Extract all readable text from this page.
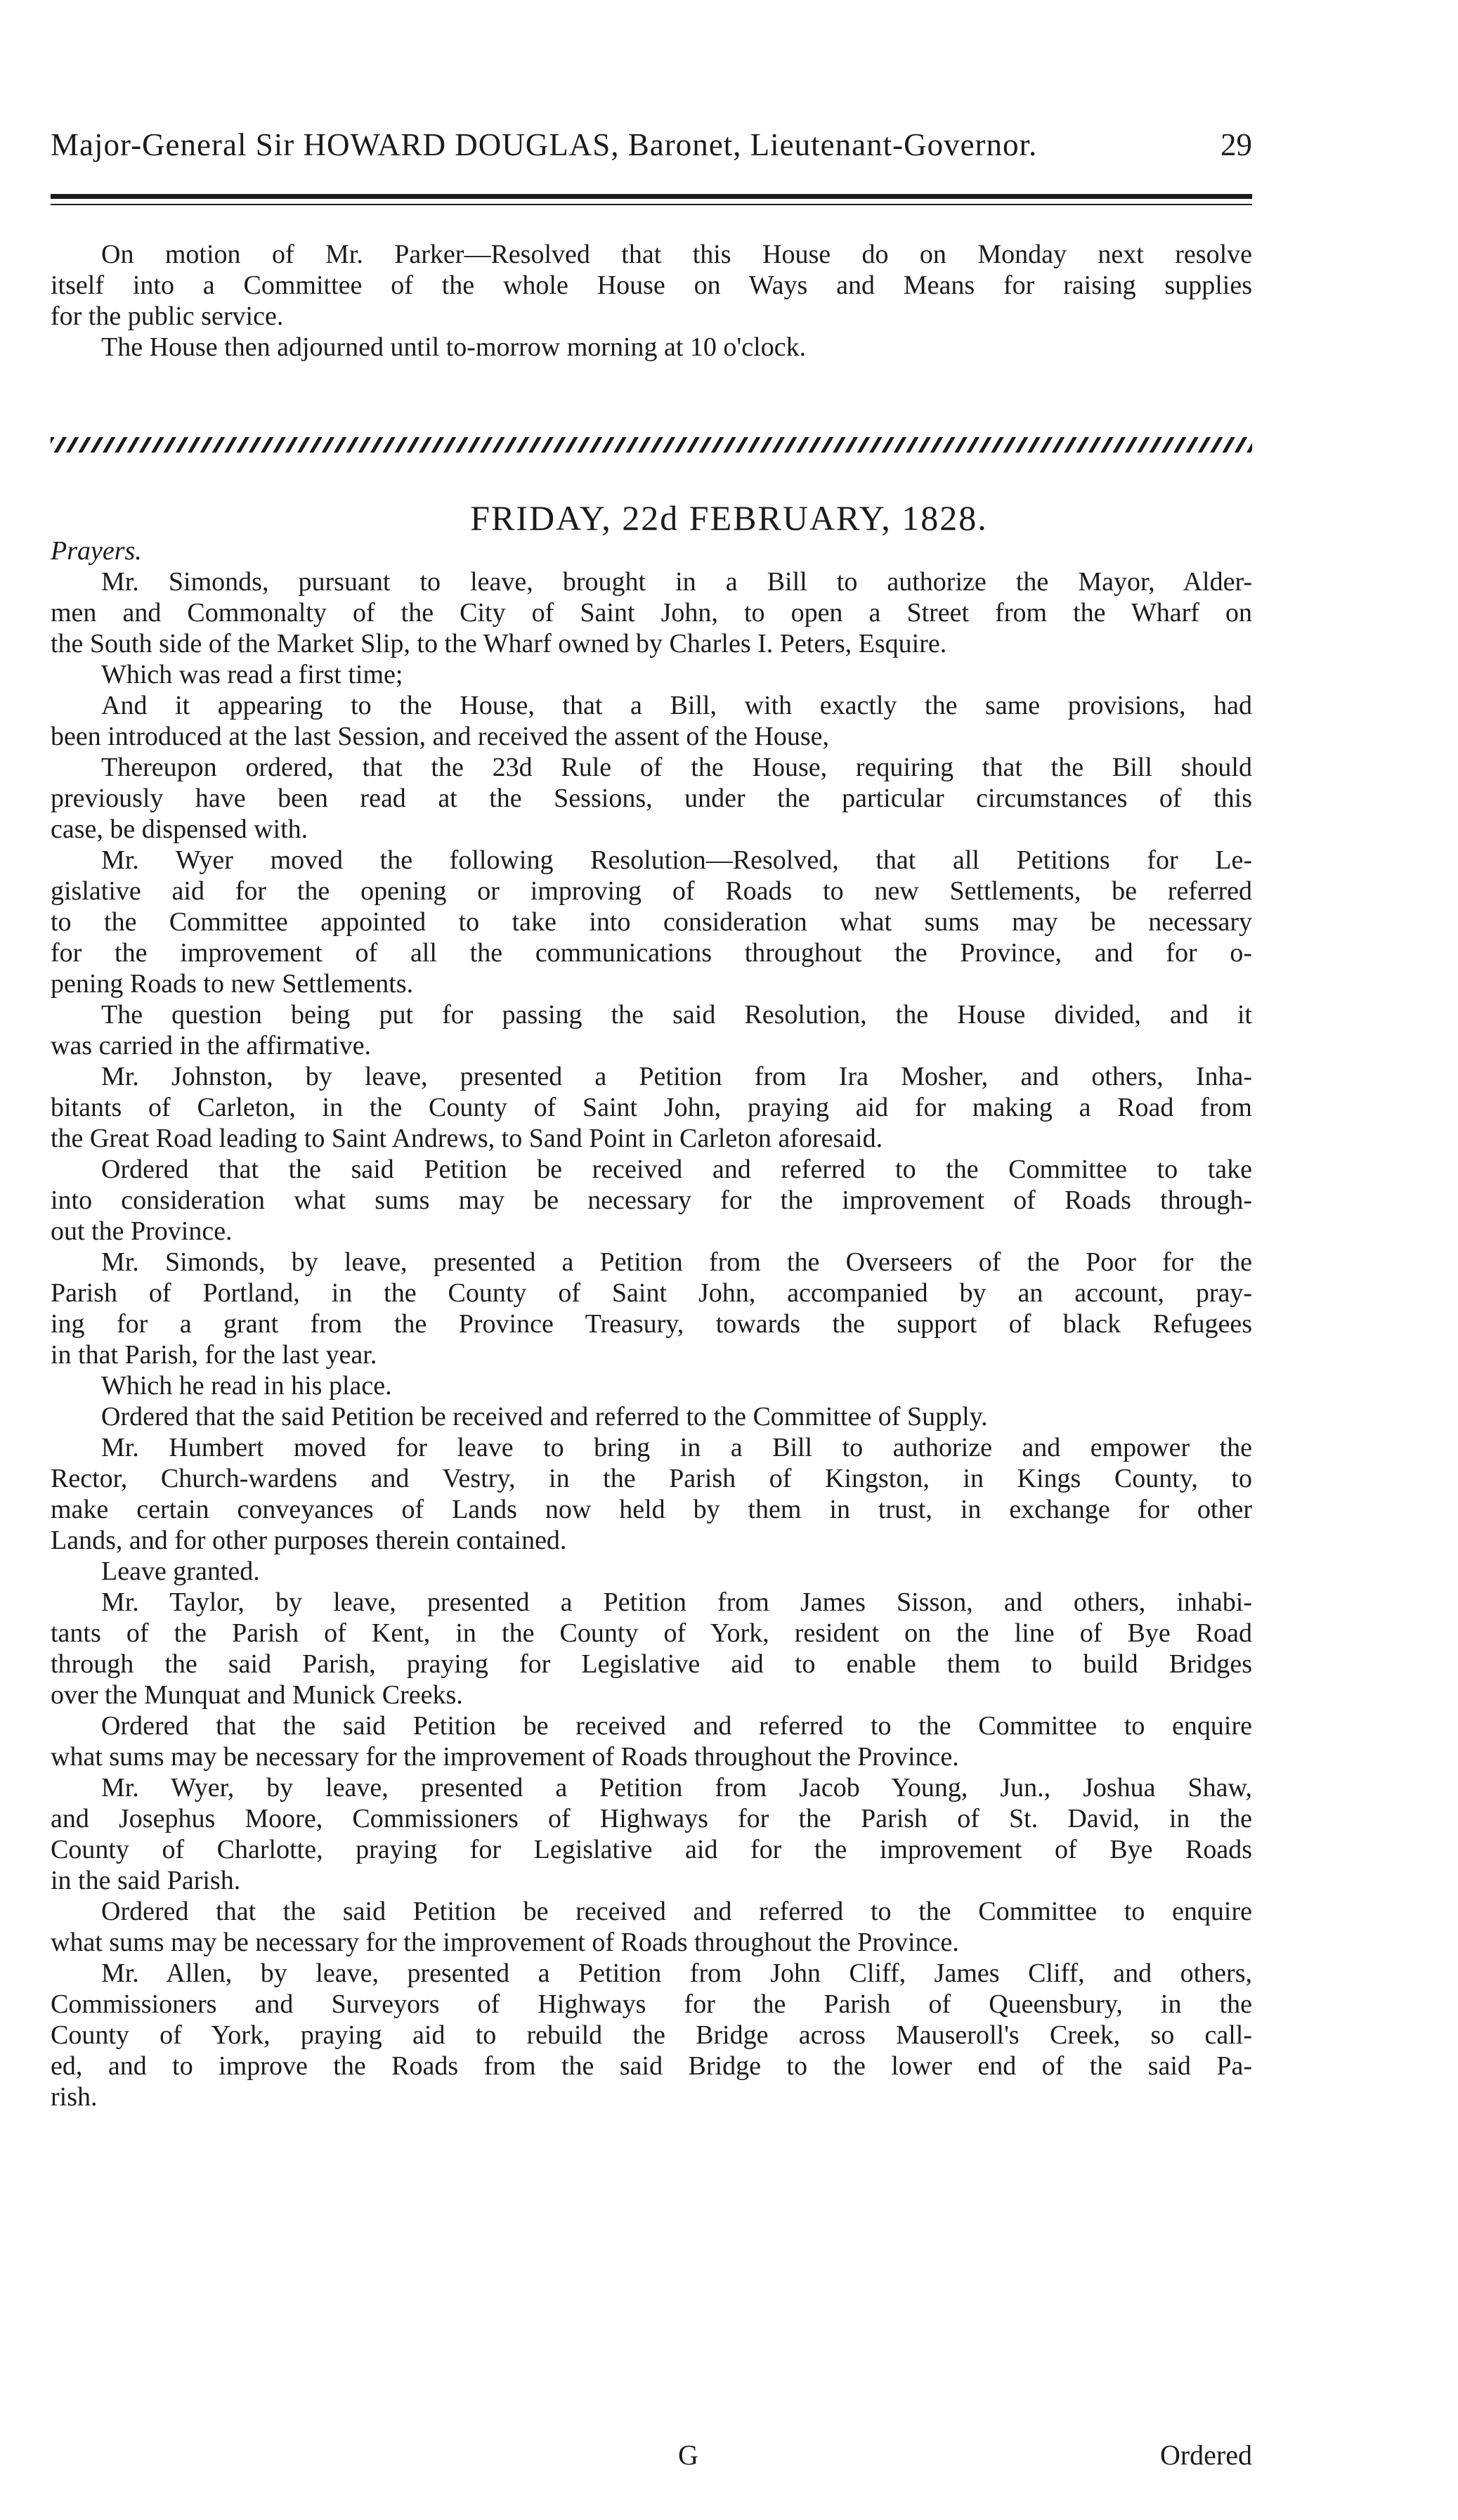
Major-General Sir HOWARD DOUGLAS, Baronet, Lieutenant-Governor.	29
On motion of Mr. Parker—Resolved that this House do on Monday next resolve
itself into a Committee of the whole House on Ways and Means for raising supplies
for the public service.
The House then adjourned until to-morrow morning at 10 o'clock.
FRIDAY, 22d FEBRUARY, 1828.
Prayers.
Mr. Simonds, pursuant to leave, brought in a Bill to authorize the Mayor, Alder-
men and Commonalty of the City of Saint John, to open a Street from the Wharf on
the South side of the Market Slip, to the Wharf owned by Charles I. Peters, Esquire.
Which was read a first time;
And it appearing to the House, that a Bill, with exactly the same provisions, had
been introduced at the last Session, and received the assent of the House,
Thereupon ordered, that the 23d Rule of the House, requiring that the Bill should
previously have been read at the Sessions, under the particular circumstances of this
case, be dispensed with.
Mr. Wyer moved the following Resolution—Resolved, that all Petitions for Le-
gislative aid for the opening or improving of Roads to new Settlements, be referred
to the Committee appointed to take into consideration what sums may be necessary
for the improvement of all the communications throughout the Province, and for o-
pening Roads to new Settlements.
The question being put for passing the said Resolution, the House divided, and it
was carried in the affirmative.
Mr. Johnston, by leave, presented a Petition from Ira Mosher, and others, Inha-
bitants of Carleton, in the County of Saint John, praying aid for making a Road from
the Great Road leading to Saint Andrews, to Sand Point in Carleton aforesaid.
Ordered that the said Petition be received and referred to the Committee to take
into consideration what sums may be necessary for the improvement of Roads through-
out the Province.
Mr. Simonds, by leave, presented a Petition from the Overseers of the Poor for the
Parish of Portland, in the County of Saint John, accompanied by an account, pray-
ing for a grant from the Province Treasury, towards the support of black Refugees
in that Parish, for the last year.
Which he read in his place.
Ordered that the said Petition be received and referred to the Committee of Supply.
Mr. Humbert moved for leave to bring in a Bill to authorize and empower the
Rector, Church-wardens and Vestry, in the Parish of Kingston, in Kings County, to
make certain conveyances of Lands now held by them in trust, in exchange for other
Lands, and for other purposes therein contained.
Leave granted.
Mr. Taylor, by leave, presented a Petition from James Sisson, and others, inhabi-
tants of the Parish of Kent, in the County of York, resident on the line of Bye Road
through the said Parish, praying for Legislative aid to enable them to build Bridges
over the Munquat and Munick Creeks.
Ordered that the said Petition be received and referred to the Committee to enquire
what sums may be necessary for the improvement of Roads throughout the Province.
Mr. Wyer, by leave, presented a Petition from Jacob Young, Jun., Joshua Shaw,
and Josephus Moore, Commissioners of Highways for the Parish of St. David, in the
County of Charlotte, praying for Legislative aid for the improvement of Bye Roads
in the said Parish.
Ordered that the said Petition be received and referred to the Committee to enquire
what sums may be necessary for the improvement of Roads throughout the Province.
Mr. Allen, by leave, presented a Petition from John Cliff, James Cliff, and others,
Commissioners and Surveyors of Highways for the Parish of Queensbury, in the
County of York, praying aid to rebuild the Bridge across Mauseroll's Creek, so call-
ed, and to improve the Roads from the said Bridge to the lower end of the said Pa-
rish.
G	Ordered
